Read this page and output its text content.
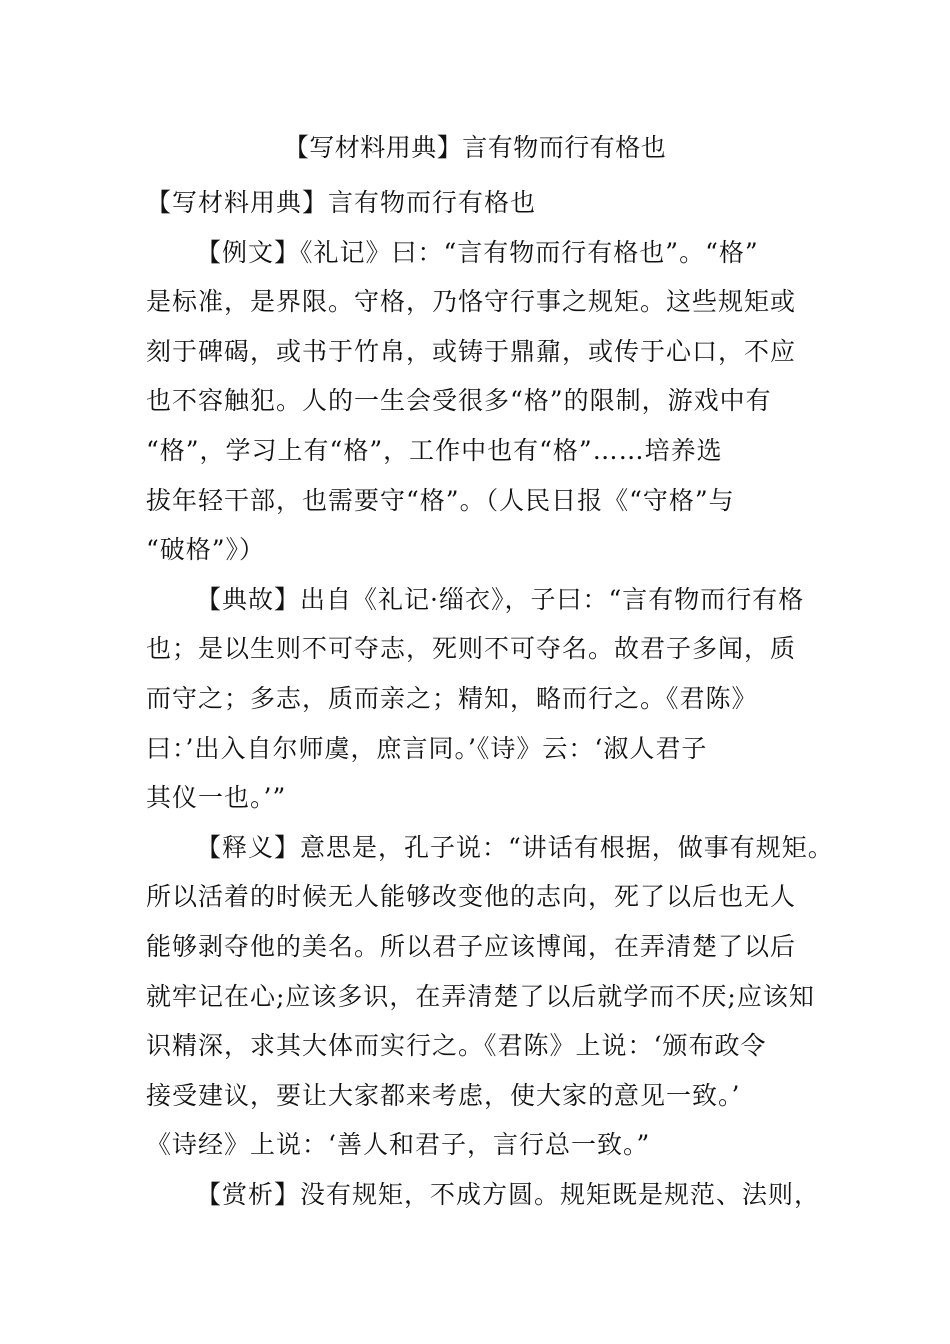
【写材料用典】言有物而行有格也
【写材料用典】言有物而行有格也

【例文】《礼记》曰：“言有物而行有格也”。“格”
是标准，是界限。守格，乃恪守行事之规矩。这些规矩或
刻于碑碣，或书于竹帛，或铸于鼎鼐，或传于心口，不应
也不容触犯。人的一生会受很多“格”的限制，游戏中有
“格”，学习上有“格”，工作中也有“格”……培养选
拔年轻干部，也需要守“格”。（人民日报《“守格”与
“破格”》）

【典故】出自《礼记·缁衣》，子曰：“言有物而行有格
也；是以生则不可夺志，死则不可夺名。故君子多闻，质
而守之；多志，质而亲之；精知，略而行之。《君陈》
曰：’出入自尔师虞，庶言同。’《诗》云：‘淑人君子
其仪一也。’”

【释义】意思是，孔子说：“讲话有根据，做事有规矩。
所以活着的时候无人能够改变他的志向，死了以后也无人
能够剥夺他的美名。所以君子应该博闻，在弄清楚了以后
就牢记在心;应该多识，在弄清楚了以后就学而不厌;应该知
识精深，求其大体而实行之。《君陈》上说：‘颁布政令
接受建议，要让大家都来考虑，使大家的意见一致。’
《诗经》上说：‘善人和君子，言行总一致。”

【赏析】没有规矩，不成方圆。规矩既是规范、法则，
